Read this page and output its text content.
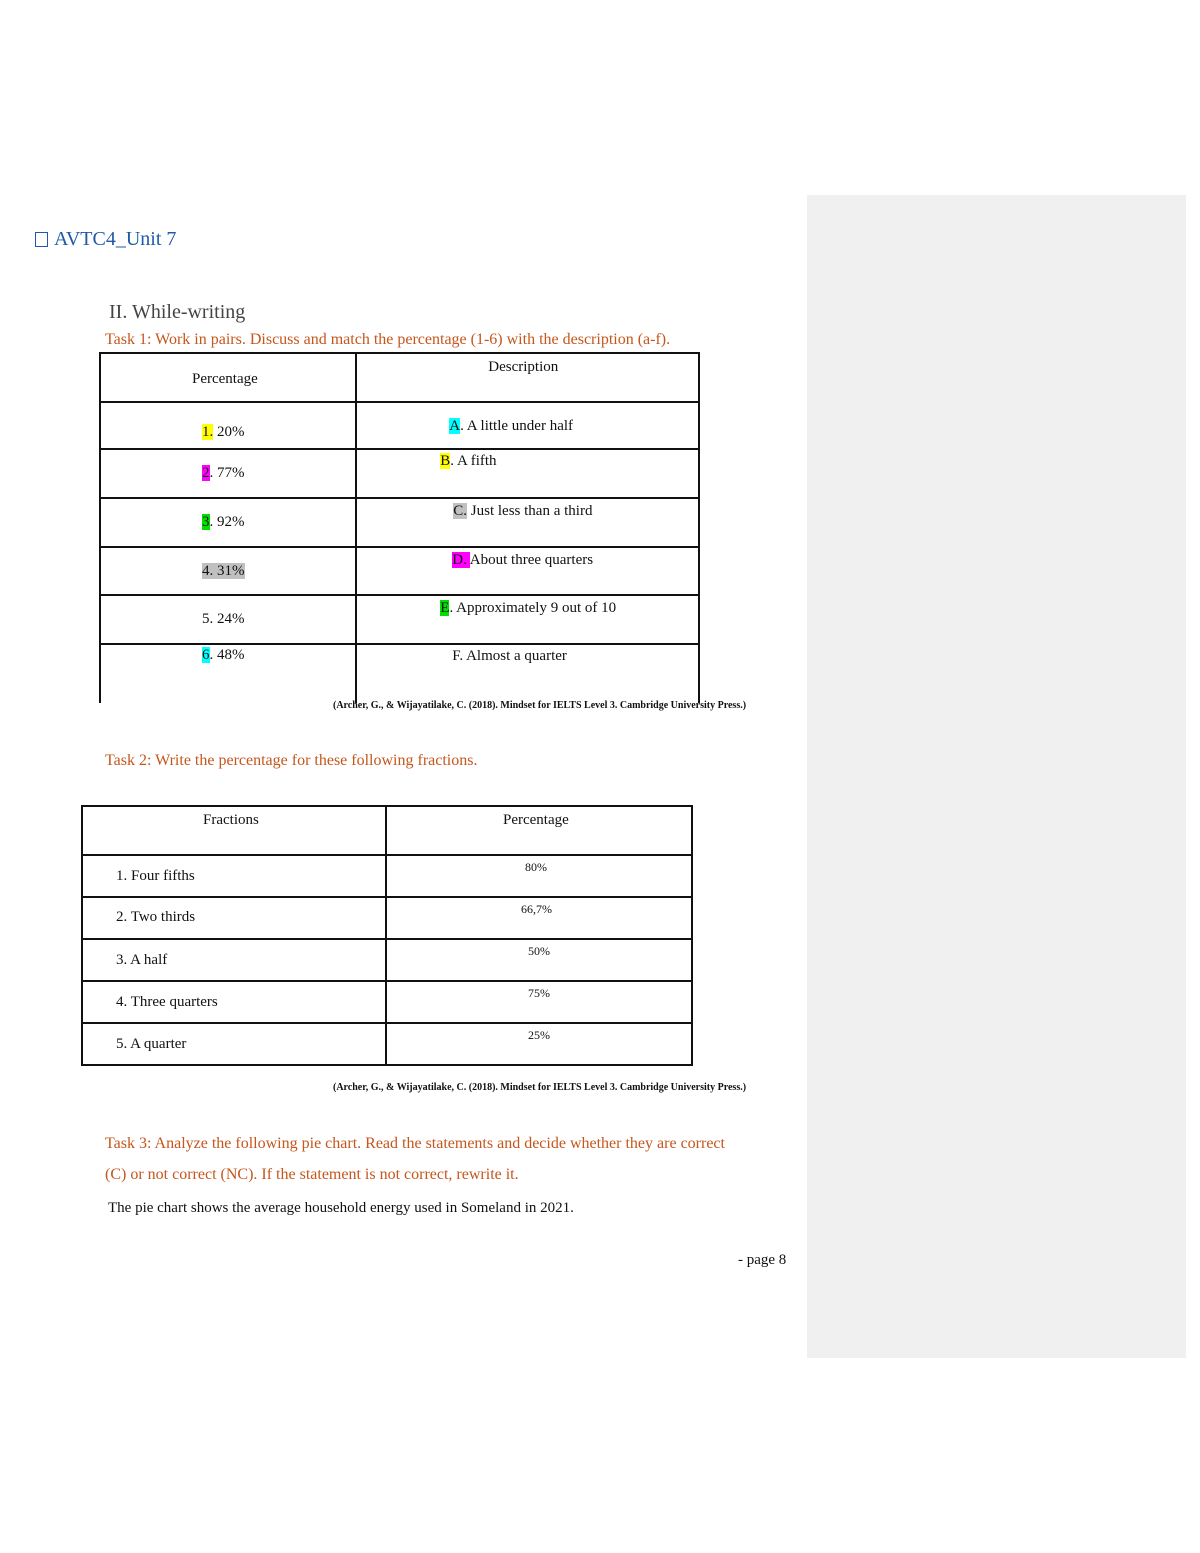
AVTC4_Unit 7
II. While-writing
Task 1: Work in pairs. Discuss and match the percentage (1-6) with the description (a-f).
Percentage	Description

1. 20%	A. A little under half

2. 77%	B. A fifth

3. 92%	C. Just less than a third

4. 31%	D. About three quarters

5. 24%	E. Approximately 9 out of 10

6. 48%	F. Almost a quarter
(Archer, G., & Wijayatilake, C. (2018). Mindset for IELTS Level 3. Cambridge University Press.)
Task 2: Write the percentage for these following fractions.
Fractions	Percentage

1. Four fifths	80%

2. Two thirds	66,7%

3. A half	50%

4. Three quarters	75%

5. A quarter	25%
(Archer, G., & Wijayatilake, C. (2018). Mindset for IELTS Level 3. Cambridge University Press.)
Task 3: Analyze the following pie chart. Read the statements and decide whether they are correct
(C) or not correct (NC). If the statement is not correct, rewrite it.
The pie chart shows the average household energy used in Someland in 2021.
- page 8
